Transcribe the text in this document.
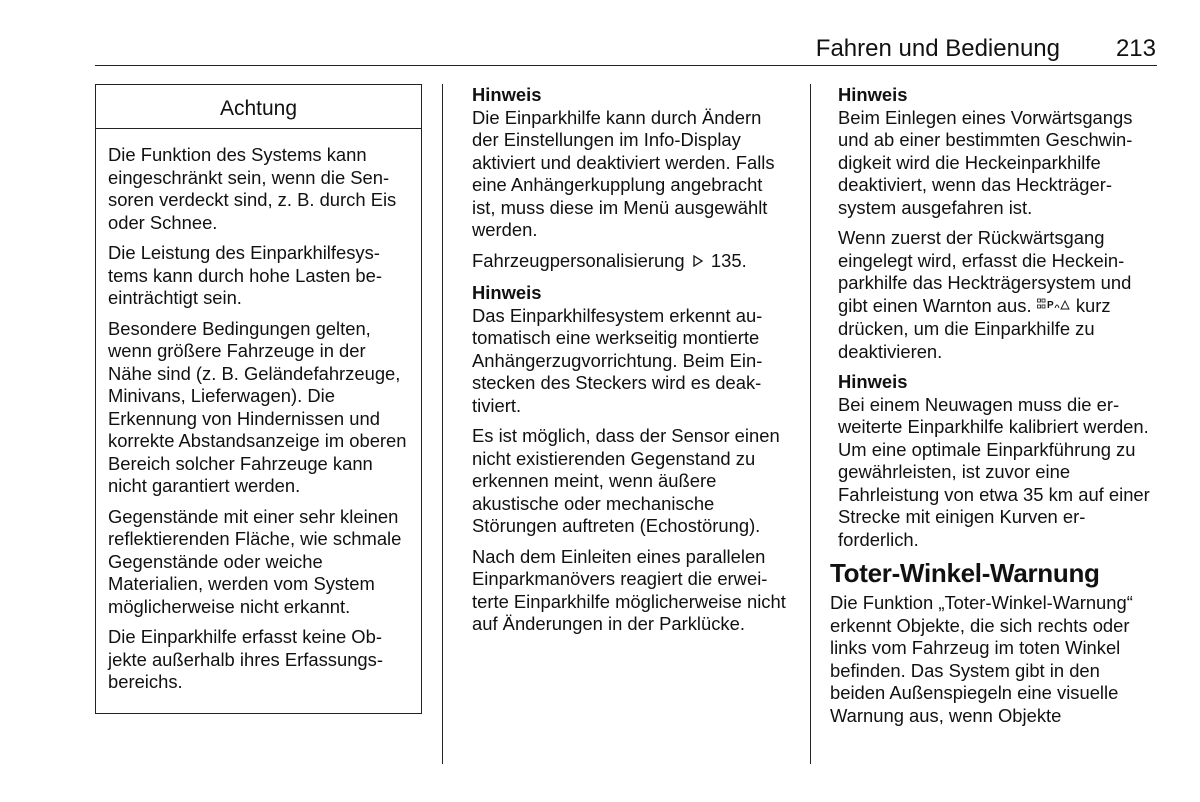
Fahren und Bedienung	213
Achtung

Die Funktion des Systems kann eingeschränkt sein, wenn die Sensoren verdeckt sind, z. B. durch Eis oder Schnee.

Die Leistung des Einparkhilfesystems kann durch hohe Lasten beeinträchtigt sein.

Besondere Bedingungen gelten, wenn größere Fahrzeuge in der Nähe sind (z. B. Geländefahrzeuge, Minivans, Lieferwagen). Die Erkennung von Hindernissen und korrekte Abstandsanzeige im oberen Bereich solcher Fahrzeuge kann nicht garantiert werden.

Gegenstände mit einer sehr kleinen reflektierenden Fläche, wie schmale Gegenstände oder weiche Materialien, werden vom System möglicherweise nicht erkannt.

Die Einparkhilfe erfasst keine Objekte außerhalb ihres Erfassungsbereichs.

Hinweis

Die Einparkhilfe kann durch Ändern der Einstellungen im Info-Display aktiviert und deaktiviert werden. Falls eine Anhängerkupplung angebracht ist, muss diese im Menü ausgewählt werden.

Fahrzeugpersonalisierung 135.

Hinweis

Das Einparkhilfesystem erkennt automatisch eine werkseitig montierte Anhängerzugvorrichtung. Beim Einstecken des Steckers wird es deaktiviert.

Es ist möglich, dass der Sensor einen nicht existierenden Gegenstand zu erkennen meint, wenn äußere akustische oder mechanische Störungen auftreten (Echostörung).

Nach dem Einleiten eines parallelen Einparkmanövers reagiert die erweiterte Einparkhilfe möglicherweise nicht auf Änderungen in der Parklücke.

Hinweis

Beim Einlegen eines Vorwärtsgangs und ab einer bestimmten Geschwindigkeit wird die Heckeinparkhilfe deaktiviert, wenn das Heckträgersystem ausgefahren ist.

Wenn zuerst der Rückwärtsgang eingelegt wird, erfasst die Heckeinparkhilfe das Heckträgersystem und gibt einen Warnton aus. P kurz drücken, um die Einparkhilfe zu deaktivieren.

Hinweis

Bei einem Neuwagen muss die erweiterte Einparkhilfe kalibriert werden. Um eine optimale Einparkführung zu gewährleisten, ist zuvor eine Fahrleistung von etwa 35 km auf einer Strecke mit einigen Kurven erforderlich.

Toter-Winkel-Warnung

Die Funktion „Toter-Winkel-Warnung“ erkennt Objekte, die sich rechts oder links vom Fahrzeug im toten Winkel befinden. Das System gibt in den beiden Außenspiegeln eine visuelle Warnung aus, wenn Objekte
